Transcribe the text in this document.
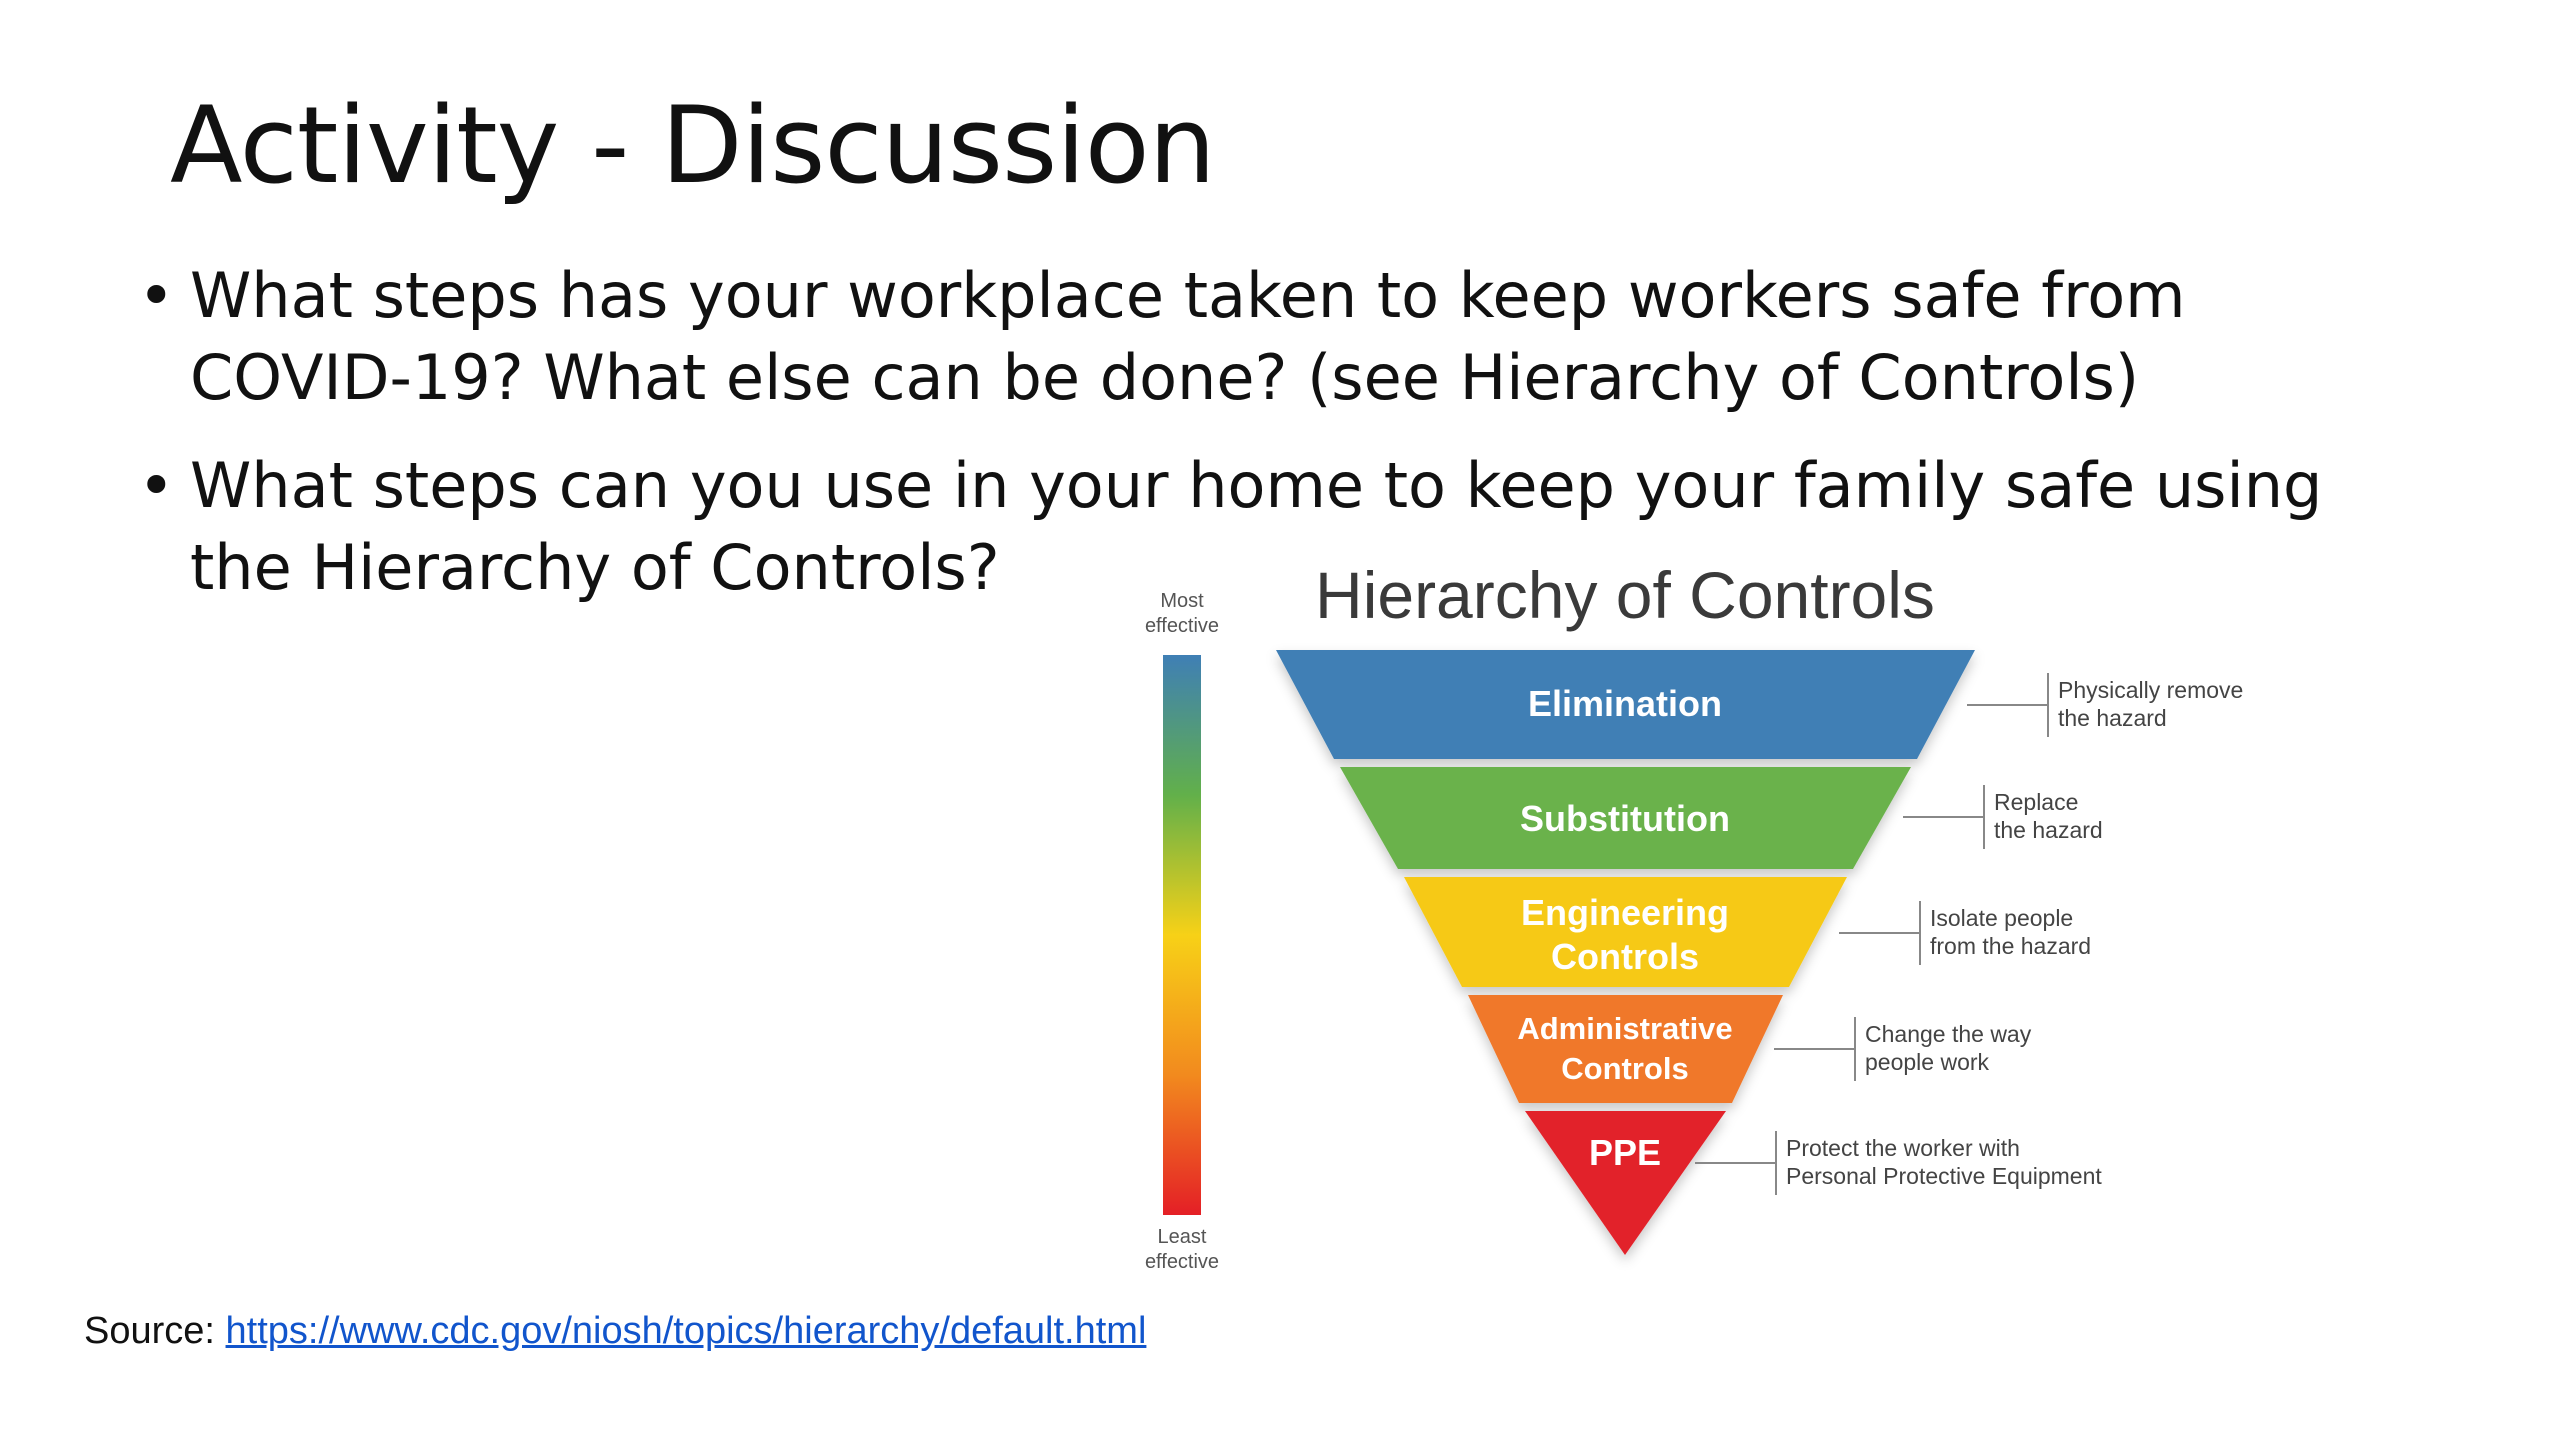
Activity - Discussion
• What steps has your workplace taken to keep workers safe from
COVID-19? What else can be done? (see Hierarchy of Controls)
• What steps can you use in your home to keep your family safe using
the Hierarchy of Controls?	Most
effective
Least
effective
Hierarchy of Controls
Elimination
Substitution
Engineering
Controls
Administrative
Controls
PPE
Physically remove
the hazard
Replace
the hazard
Isolate people
from the hazard
Change the way
people work
Protect the worker with
Personal Protective Equipment
Source: https://www.cdc.gov/niosh/topics/hierarchy/default.html
